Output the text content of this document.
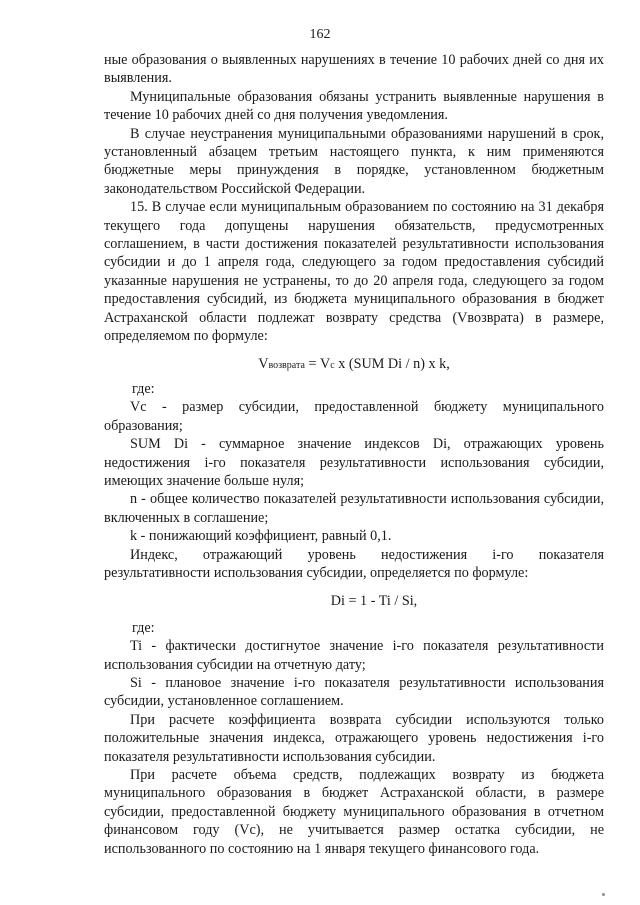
162

ные образования о выявленных нарушениях в течение 10 рабочих дней со дня их выявления.

Муниципальные образования обязаны устранить выявленные нарушения в течение 10 рабочих дней со дня получения уведомления.

В случае неустранения муниципальными образованиями нарушений в срок, установленный абзацем третьим настоящего пункта, к ним применяются бюджетные меры принуждения в порядке, установленном бюджетным законодательством Российской Федерации.

15. В случае если муниципальным образованием по состоянию на 31 декабря текущего года допущены нарушения обязательств, предусмотренных соглашением, в части достижения показателей результативности использования субсидии и до 1 апреля года, следующего за годом предоставления субсидий указанные нарушения не устранены, то до 20 апреля года, следующего за годом предоставления субсидий, из бюджета муниципального образования в бюджет Астраханской области подлежат возврату средства (Vвозврата) в размере, определяемом по формуле:

Vвозврата = Vc x (SUM Di / n) x k,

где:

Vc - размер субсидии, предоставленной бюджету муниципального образования;

SUM Di - суммарное значение индексов Di, отражающих уровень недостижения i-го показателя результативности использования субсидии, имеющих значение больше нуля;

n - общее количество показателей результативности использования субсидии, включенных в соглашение;

k - понижающий коэффициент, равный 0,1.

Индекс, отражающий уровень недостижения i-го показателя результативности использования субсидии, определяется по формуле:

Di = 1 - Ti / Si,

где:

Ti - фактически достигнутое значение i-го показателя результативности использования субсидии на отчетную дату;

Si - плановое значение i-го показателя результативности использования субсидии, установленное соглашением.

При расчете коэффициента возврата субсидии используются только положительные значения индекса, отражающего уровень недостижения i-го показателя результативности использования субсидии.

При расчете объема средств, подлежащих возврату из бюджета муниципального образования в бюджет Астраханской области, в размере субсидии, предоставленной бюджету муниципального образования в отчетном финансовом году (Vc), не учитывается размер остатка субсидии, не использованного по состоянию на 1 января текущего финансового года.
